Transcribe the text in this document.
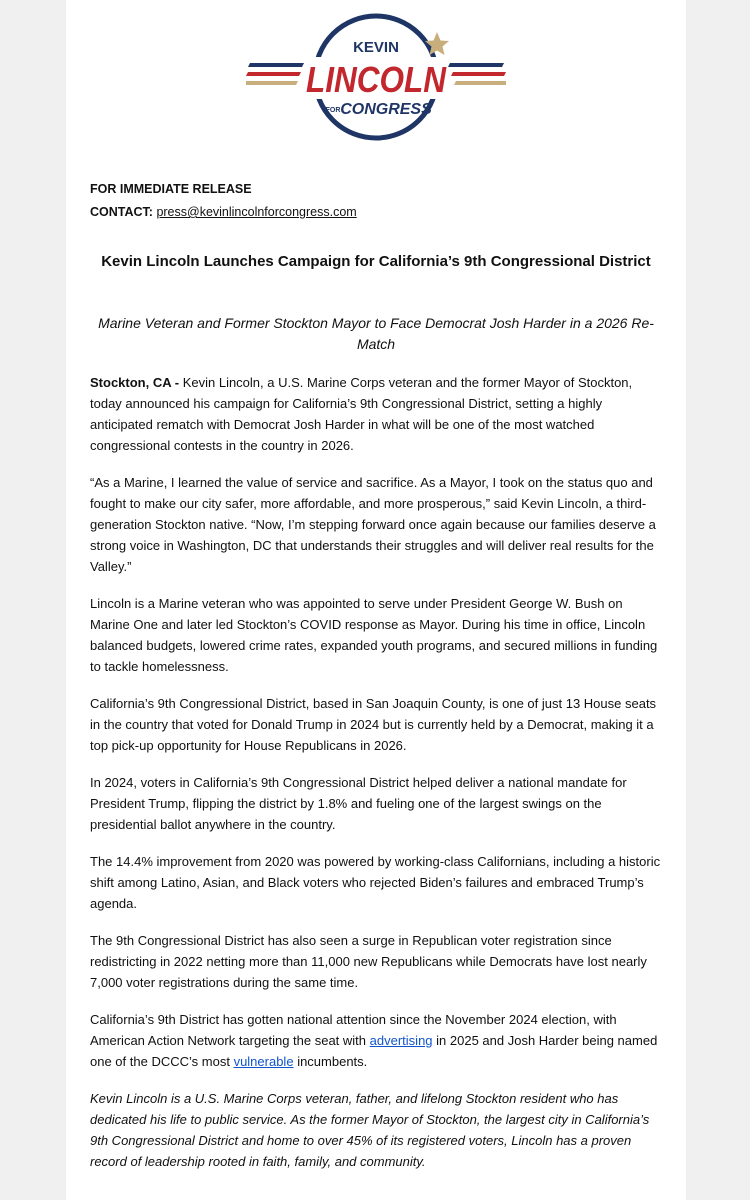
KEVIN
LINCOLN
FOR CONGRESS
FOR IMMEDIATE RELEASE
CONTACT: press@kevinlincolnforcongress.com
Kevin Lincoln Launches Campaign for California’s 9th Congressional District

Marine Veteran and Former Stockton Mayor to Face Democrat Josh Harder in a 2026 Re-Match

Stockton, CA - Kevin Lincoln, a U.S. Marine Corps veteran and the former Mayor of Stockton, today announced his campaign for California’s 9th Congressional District, setting a highly anticipated rematch with Democrat Josh Harder in what will be one of the most watched congressional contests in the country in 2026.

“As a Marine, I learned the value of service and sacrifice. As a Mayor, I took on the status quo and fought to make our city safer, more affordable, and more prosperous,” said Kevin Lincoln, a third-generation Stockton native. “Now, I’m stepping forward once again because our families deserve a strong voice in Washington, DC that understands their struggles and will deliver real results for the Valley.”

Lincoln is a Marine veteran who was appointed to serve under President George W. Bush on Marine One and later led Stockton’s COVID response as Mayor. During his time in office, Lincoln balanced budgets, lowered crime rates, expanded youth programs, and secured millions in funding to tackle homelessness.

California’s 9th Congressional District, based in San Joaquin County, is one of just 13 House seats in the country that voted for Donald Trump in 2024 but is currently held by a Democrat, making it a top pick-up opportunity for House Republicans in 2026.

In 2024, voters in California’s 9th Congressional District helped deliver a national mandate for President Trump, flipping the district by 1.8% and fueling one of the largest swings on the presidential ballot anywhere in the country.

The 14.4% improvement from 2020 was powered by working-class Californians, including a historic shift among Latino, Asian, and Black voters who rejected Biden’s failures and embraced Trump’s agenda.

The 9th Congressional District has also seen a surge in Republican voter registration since redistricting in 2022 netting more than 11,000 new Republicans while Democrats have lost nearly 7,000 voter registrations during the same time.

California’s 9th District has gotten national attention since the November 2024 election, with American Action Network targeting the seat with advertising in 2025 and Josh Harder being named one of the DCCC’s most vulnerable incumbents.

Kevin Lincoln is a U.S. Marine Corps veteran, father, and lifelong Stockton resident who has dedicated his life to public service. As the former Mayor of Stockton, the largest city in California’s 9th Congressional District and home to over 45% of its registered voters, Lincoln has a proven record of leadership rooted in faith, family, and community.
